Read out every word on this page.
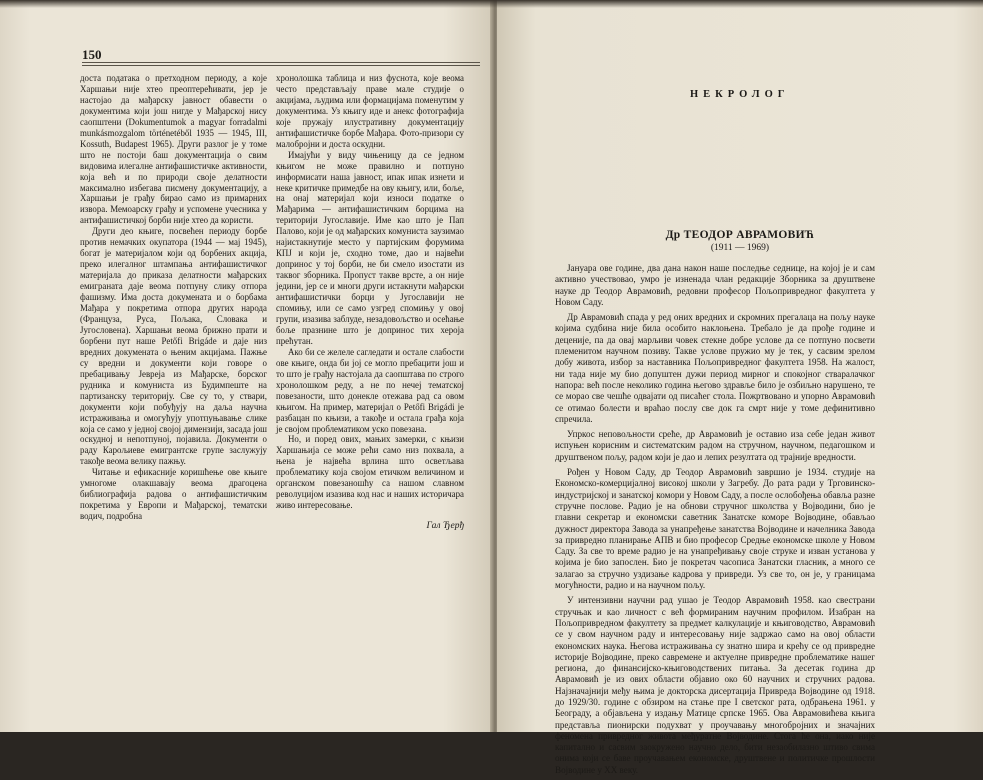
150

доста података о претходном периоду, а које Харшањи није хтео преоптерећивати, јер је настојао да мађарску јавност обавести о документима који још нигде у Мађарској нису саопштени (Dokumentumok a magyar forradalmi munkásmozgalom történetéből 1935 — 1945, III, Kossuth, Budapest 1965). Други разлог је у томе што не постоји баш документација о свим видовима илегалне антифашистичке активности, која већ и по природи своје делатности максимално избегава писмену документацију, а Харшањи је грађу бирао само из примарних извора. Мемоарску грађу и успомене учесника у антифашистичкој борби није хтео да користи.

Други део књиге, посвећен периоду борбе против немачких окупатора (1944 — мај 1945), богат је материјалом који од борбених акција, преко илегалног штампања антифашистичког материјала до приказа делатности мађарских емиграната даје веома потпуну слику отпора фашизму. Има доста докумената и о борбама Мађара у покретима отпора других народа (Француза, Руса, Пољака, Словака и Југословена). Харшањи веома брижно прати и борбени пут наше Petőfi Brigáde и даје низ вредних докумената о њеним акцијама. Пажње су вредни и документи који говоре о пребацивању Јевреја из Мађарске, борског рудника и комуниста из Будимпеште на партизанску територију. Све су то, у ствари, документи који побуђују на даља научна истраживања и омогућују употпуњавање слике која се само у једној својој димензији, засада још оскудној и непотпуној, појавила. Документи о раду Карољиеве емигрантске групе заслужују такође веома велику пажњу.

Читање и ефикасније коришћење ове књиге умногоме олакшавају веома драгоцена библиографија радова о антифашистичким покретима у Европи и Мађарској, тематски водич, подробна

хронолошка таблица и низ фуснота, које веома често представљају праве мале студије о акцијама, људима или формацијама поменутим у документима. Уз књигу иде и анекс фотографија које пружају илустративну документацију антифашистичке борбе Мађара. Фото-призори су малобројни и доста оскудни.

Имајући у виду чињеницу да се једном књигом не може правилно и потпуно информисати наша јавност, ипак ипак изнети и неке критичке примедбе на ову књигу, или, боље, на онај материјал који износи податке о Мађарима — антифашистичким борцима на територији Југославије. Име као што је Пап Палово, који је од мађарских комуниста заузимао најистакнутије место у партијским форумима КПЈ и који је, сходно томе, дао и највећи допринос у тој борби, не би смело изостати из таквог зборника. Пропуст такве врсте, а он није једини, јер се и многи други истакнути мађарски антифашистички борци у Југославији не спомињу, или се само узгред спомињу у овој групи, изазива заблуде, незадовољство и осећање боље празнине што је допринос тих хероја прећутан.

Ако би се желеле сагледати и остале слабости ове књиге, онда би јој се могло пребацити још и то што је грађу настојала да саопштава по строго хронолошком реду, а не по нечеј тематској повезаности, што донекле отежава рад са овом књигом. На пример, материјал о Petőfi Brigádi је разбацан по књизи, а такође и остала грађа која је својом проблематиком уско повезана.

Но, и поред ових, мањих замерки, с књизи Харшањија се може рећи само низ похвала, а њена је највећа врлина што осветљава проблематику која својом етичком величином и органском повезаношћу са нашом славном револуцијом изазива код нас и наших историчара живо интересовање.

Гал Ђерђ
НЕКРОЛОГ
Др ТЕОДОР АВРАМОВИЋ
(1911 — 1969)

Јануара ове године, два дана након наше последње седнице, на којој је и сам активно учествовао, умро је изненада члан редакције Зборника за друштвене науке др Теодор Аврамовић, редовни професор Пољопривредног факултета у Новом Саду.

Др Аврамовић спада у ред оних вредних и скромних прегалаца на пољу науке којима судбина није била особито наклоњена. Требало је да прође године и деценије, па да овај марљиви човек стекне добре услове да се потпуно посвети племенитом научном позиву. Такве услове пружио му је тек, у сасвим зрелом добу живота, избор за наставника Пољопривредног факултета 1958. На жалост, ни тада није му био допуштен дужи период мирног и спокојног стваралачког напора: већ после неколико година његово здравље било је озбиљно нарушено, те се морао све чешће одвајати од писаћег стола. Пожртвовано и упорно Аврамовић се отимао болести и враћао послу све док га смрт није у томе дефинитивно спречила.

Упркос неповољности среће, др Аврамовић је оставио иза себе један живот испуњен корисним и систематским радом на стручном, научном, педагошком и друштвеном пољу, радом који је дао и лепих резултата од трајније вредности.

Рођен у Новом Саду, др Теодор Аврамовић завршио је 1934. студије на Економско-комерцијалној високој школи у Загребу. До рата ради у Трговинско-индустријској и занатској комори у Новом Саду, а после ослобођења обавља разне стручне послове. Радио је на обнови стручног школства у Војводини, био је главни секретар и економски саветник Занатске коморе Војводине, обављао дужност директора Завода за унапређење занатства Војводине и начелника Завода за привредно планирање АПВ и био професор Средње економске школе у Новом Саду. За све то време радио је на унапређивању своје струке и изван установа у којима је био запослен. Био је покретач часописа Занатски гласник, а много се залагао за стручно уздизање кадрова у привреди. Уз све то, он је, у границама могућности, радио и на научном пољу.

У интензивни научни рад ушао је Теодор Аврамовић 1958. као свестрани стручњак и као личност с већ формираним научним профилом. Изабран на Пољопривредном факултету за предмет калкулације и књиговодство, Аврамовић се у свом научном раду и интересовању није задржао само на овој области економских наука. Његова истраживања су знатно шира и крећу се од привредне историје Војводине, преко савремене и актуелне привредне проблематике нашег региона, до финансијско-књиговодствених питања. За десетак година др Аврамовић је из ових области објавио око 60 научних и стручних радова. Најзначајнији међу њима је докторска дисертација Привреда Војводине од 1918. до 1929/30. године с обзиром на стање пре I светског рата, одбрањена 1961. у Београду, а објављена у издању Матице српске 1965. Ова Аврамовићева књига представља пионирски подухват у проучавању многобројних и значајних феномена привредног живота међуратне Војводине. Стога ће она, иако није капитално и сасвим заокружено научно дело, бити незаобилазно штиво свима онима који се баве проучавањем економске, друштвене и политичке прошлости Војводине у XX веку.
